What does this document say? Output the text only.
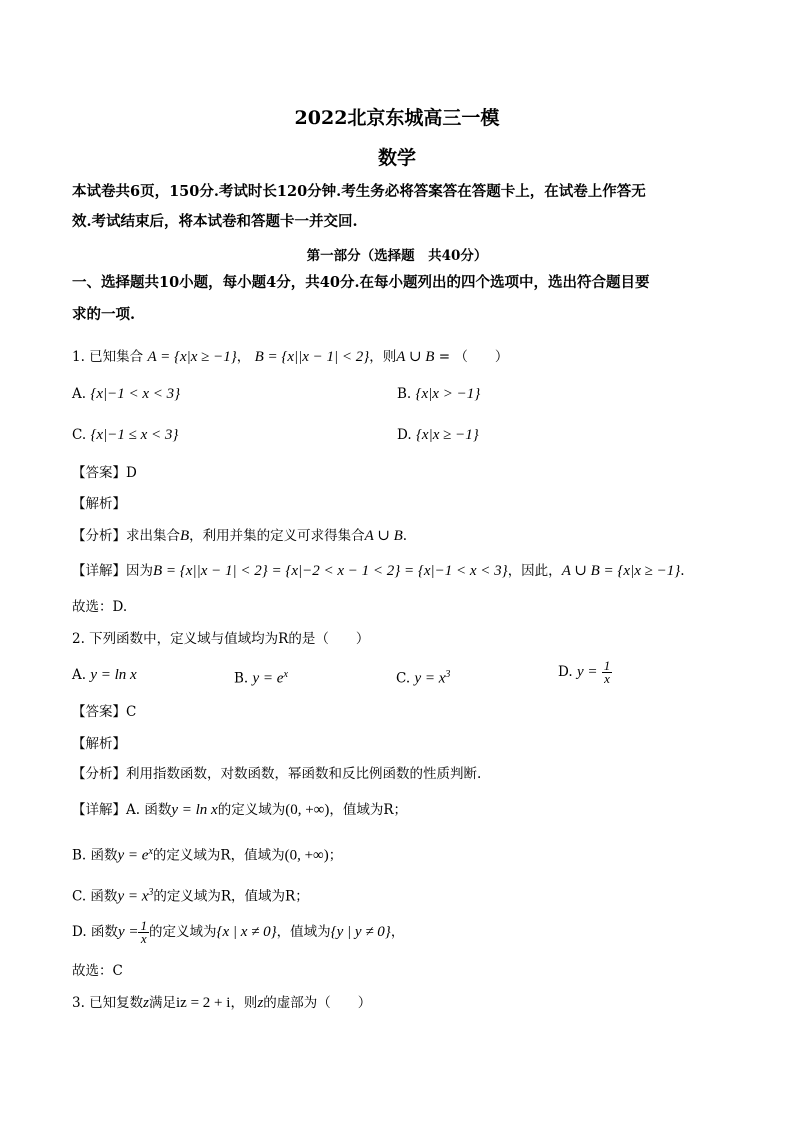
2022北京东城高三一模
数学
本试卷共6页，150分.考试时长120分钟.考生务必将答案答在答题卡上，在试卷上作答无
效.考试结束后，将本试卷和答题卡一并交回.
第一部分（选择题　共40分）
一、选择题共10小题，每小题4分，共40分.在每小题列出的四个选项中，选出符合题目要
求的一项.
1. 已知集合 A = {x|x ≥ −1}， B = {x||x − 1| < 2}，则A ∪ B = （　　）
A. {x|−1 < x < 3}	B. {x|x > −1}
C. {x|−1 ≤ x < 3}	D. {x|x ≥ −1}
【答案】D
【解析】
【分析】求出集合B，利用并集的定义可求得集合A ∪ B.
【详解】因为B = {x||x − 1| < 2} = {x|−2 < x − 1 < 2} = {x|−1 < x < 3}，因此，A ∪ B = {x|x ≥ −1}.
故选：D.
2. 下列函数中，定义域与值域均为R的是（　　）
A. y = ln x	B. $y = e^x$	C. $y = x^3$	D. $y = \frac{1}{x}$
【答案】C
【解析】
【分析】利用指数函数，对数函数，幂函数和反比例函数的性质判断.
【详解】A. 函数y = ln x的定义域为(0, +∞)，值域为R；
B. 函数$y = e^x$的定义域为R，值域为(0, +∞)；
C. 函数$y = x^3$的定义域为R，值域为R；
D. 函数$y = \frac{1}{x}$ 的定义域为{x | x ≠ 0}，值域为{y | y ≠ 0}，
故选：C
3. 已知复数z满足iz = 2 + i，则z的虚部为（　　）
